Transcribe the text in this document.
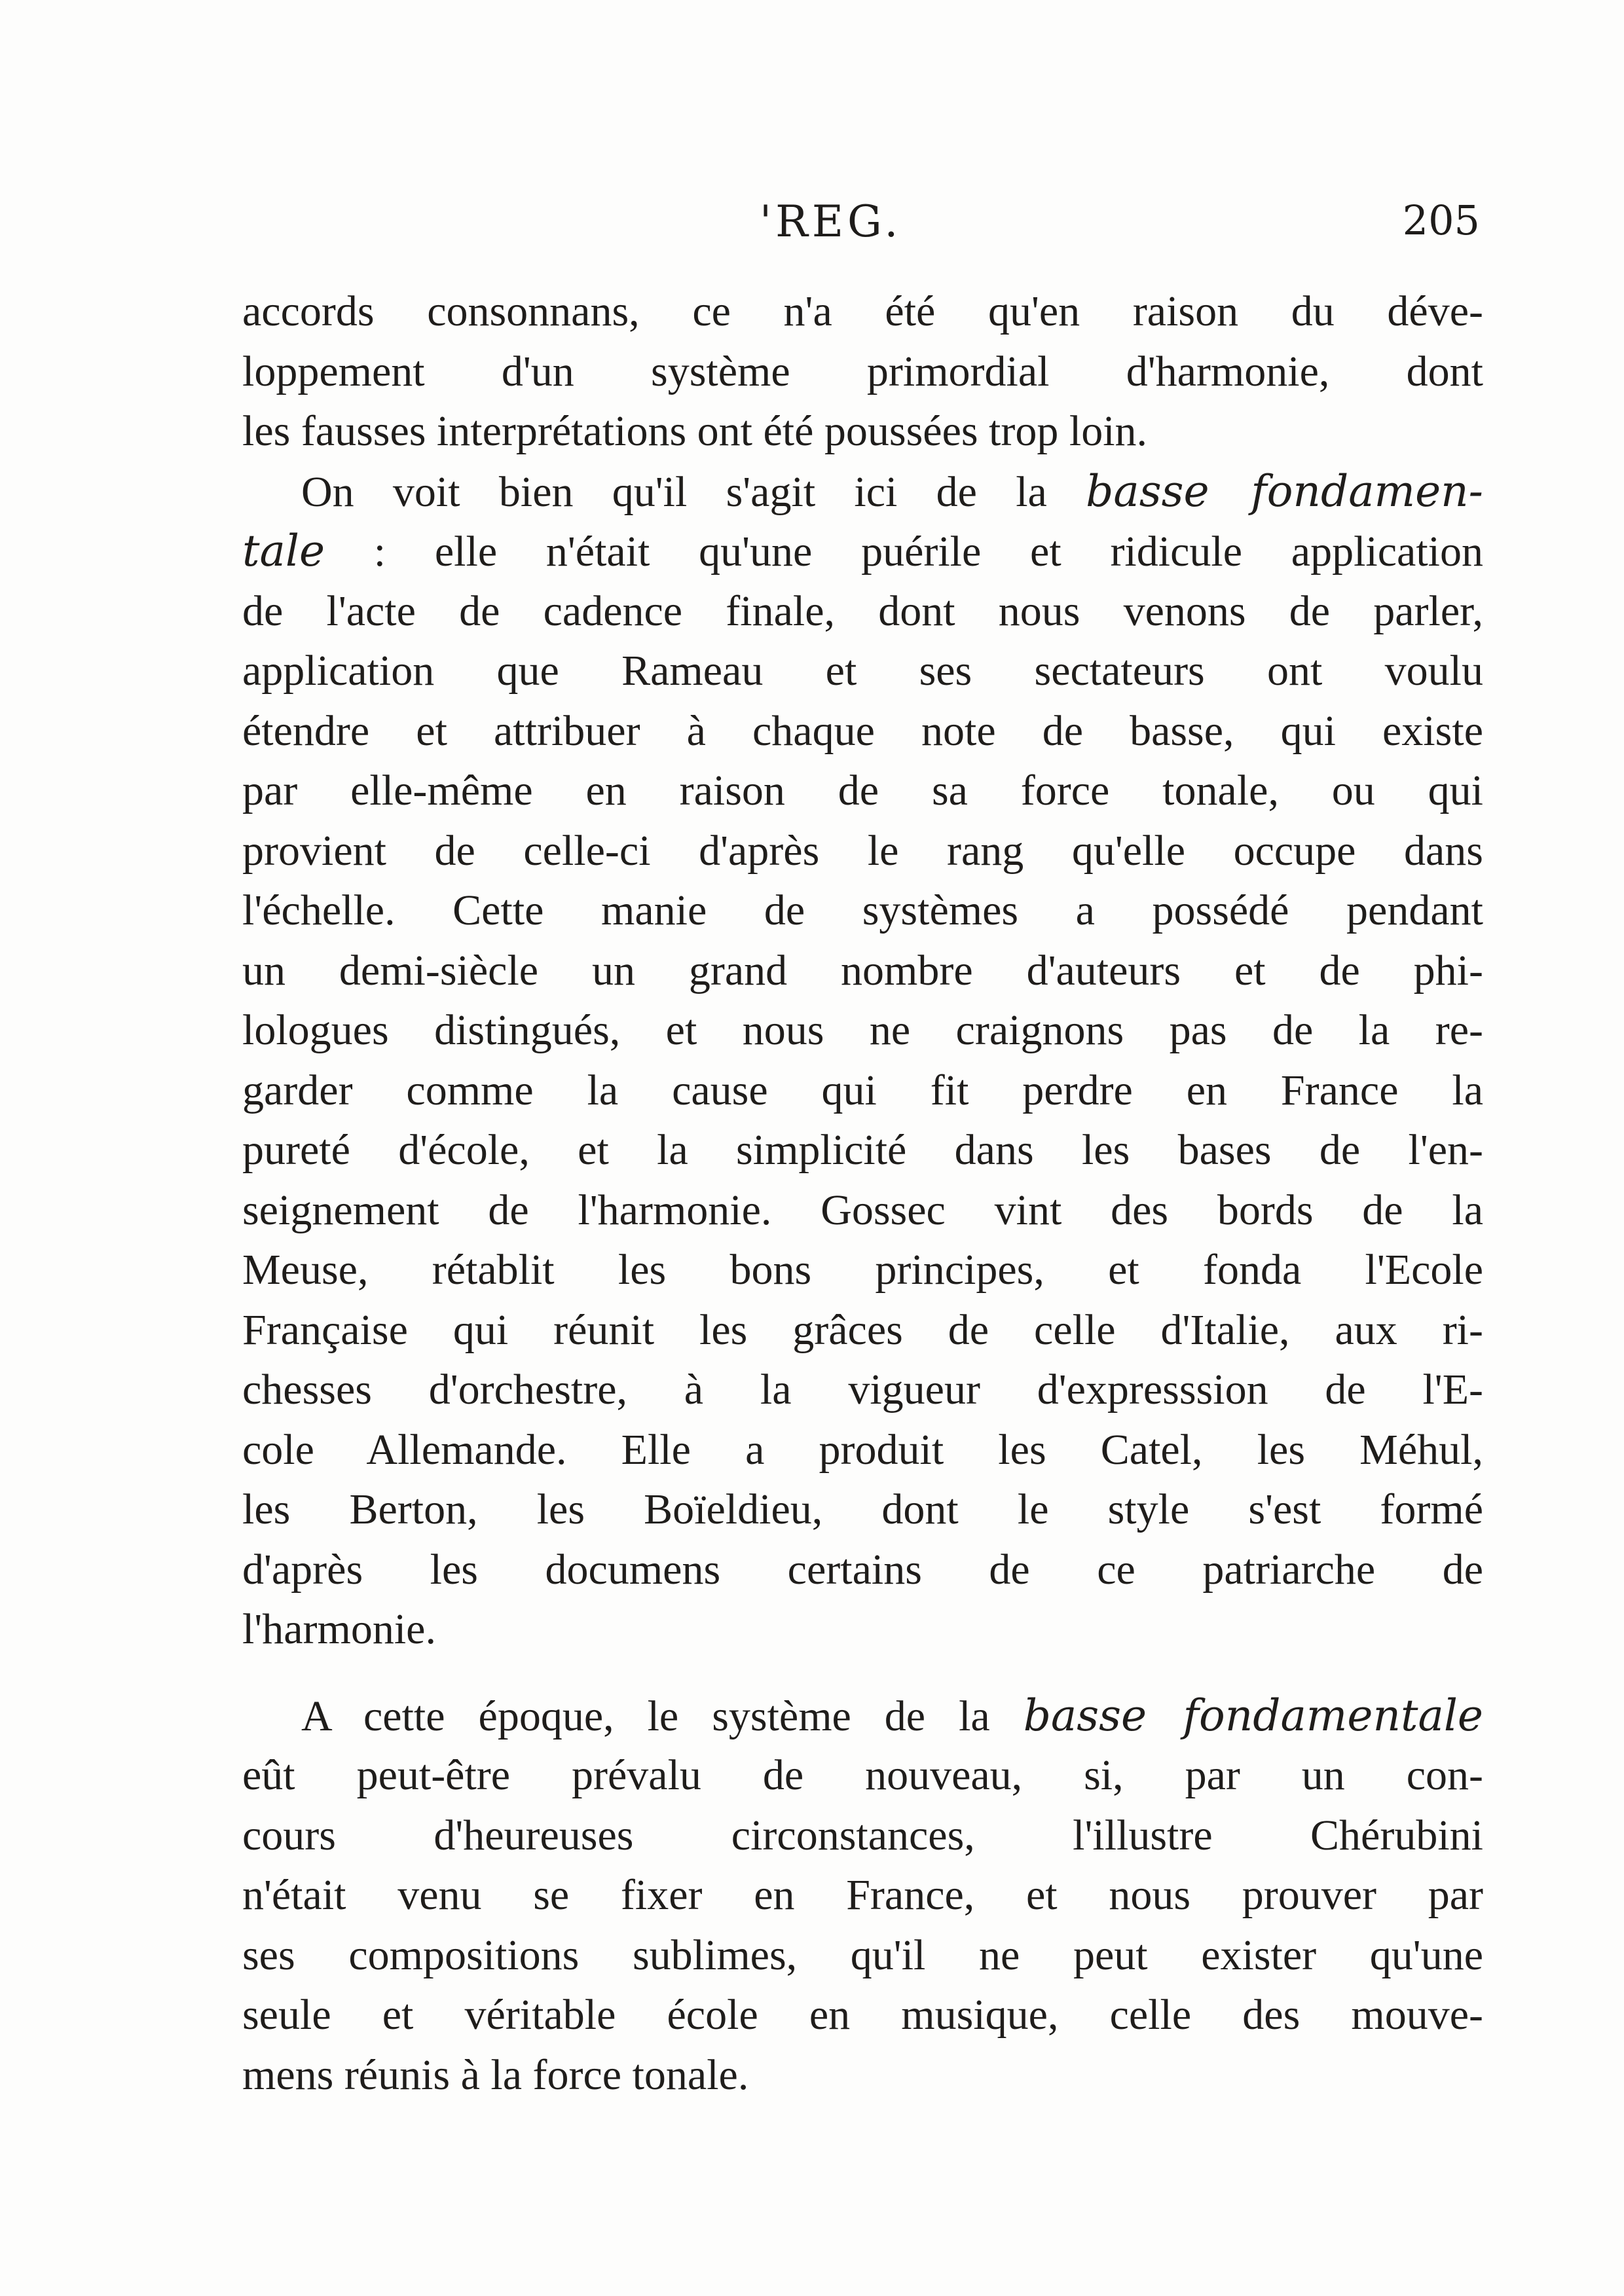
'REG.	205
accords consonnans, ce n'a été qu'en raison du déve-
loppement d'un système primordial d'harmonie, dont
les fausses interprétations ont été poussées trop loin.
On voit bien qu'il s'agit ici de la basse fondamen-
tale : elle n'était qu'une puérile et ridicule application
de l'acte de cadence finale, dont nous venons de parler,
application que Rameau et ses sectateurs ont voulu
étendre et attribuer à chaque note de basse, qui existe
par elle-même en raison de sa force tonale, ou qui
provient de celle-ci d'après le rang qu'elle occupe dans
l'échelle. Cette manie de systèmes a possédé pendant
un demi-siècle un grand nombre d'auteurs et de phi-
lologues distingués, et nous ne craignons pas de la re-
garder comme la cause qui fit perdre en France la
pureté d'école, et la simplicité dans les bases de l'en-
seignement de l'harmonie. Gossec vint des bords de la
Meuse, rétablit les bons principes, et fonda l'Ecole
Française qui réunit les grâces de celle d'Italie, aux ri-
chesses d'orchestre, à la vigueur d'expresssion de l'E-
cole Allemande. Elle a produit les Catel, les Méhul,
les Berton, les Boïeldieu, dont le style s'est formé
d'après les documens certains de ce patriarche de
l'harmonie.
A cette époque, le système de la basse fondamentale
eût peut-être prévalu de nouveau, si, par un con-
cours d'heureuses circonstances, l'illustre Chérubini
n'était venu se fixer en France, et nous prouver par
ses compositions sublimes, qu'il ne peut exister qu'une
seule et véritable école en musique, celle des mouve-
mens réunis à la force tonale.
